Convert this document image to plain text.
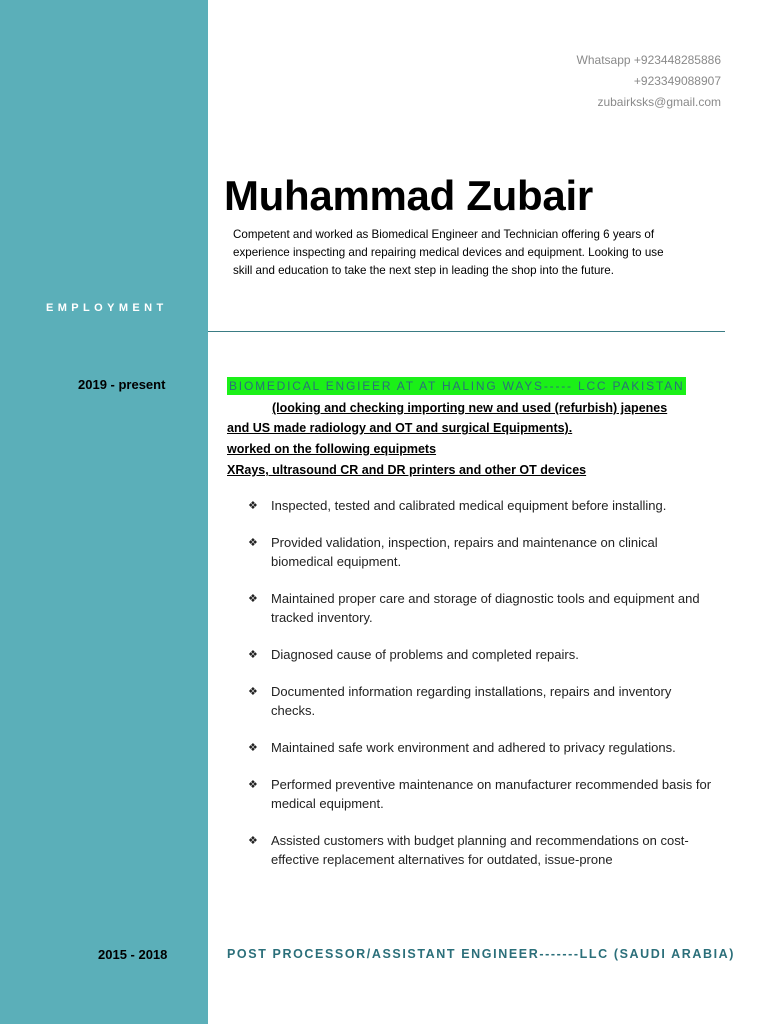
EMPLOYMENT
Whatsapp +923448285886
+923349088907
zubairksks@gmail.com
Muhammad Zubair
Competent and worked as Biomedical Engineer and Technician offering 6 years of experience inspecting and repairing medical devices and equipment. Looking to use skill and education to take the next step in leading the shop into the future.
2019 - present	BIOMEDICAL ENGIEER AT AT HALING WAYS----- LCC PAKISTAN
(looking and checking importing new and used (refurbish) japenes
and US made radiology and OT and surgical Equipments).
worked on the following equipmets
XRays, ultrasound CR and DR printers and other OT devices
❖ Inspected, tested and calibrated medical equipment before installing.
❖ Provided validation, inspection, repairs and maintenance on clinical biomedical equipment.
❖ Maintained proper care and storage of diagnostic tools and equipment and tracked inventory.
❖ Diagnosed cause of problems and completed repairs.
❖ Documented information regarding installations, repairs and inventory checks.
❖ Maintained safe work environment and adhered to privacy regulations.
❖ Performed preventive maintenance on manufacturer recommended basis for medical equipment.
❖ Assisted customers with budget planning and recommendations on cost-effective replacement alternatives for outdated, issue-prone
2015 - 2018	POST PROCESSOR/ASSISTANT ENGINEER-------LLC (SAUDI ARABIA)
